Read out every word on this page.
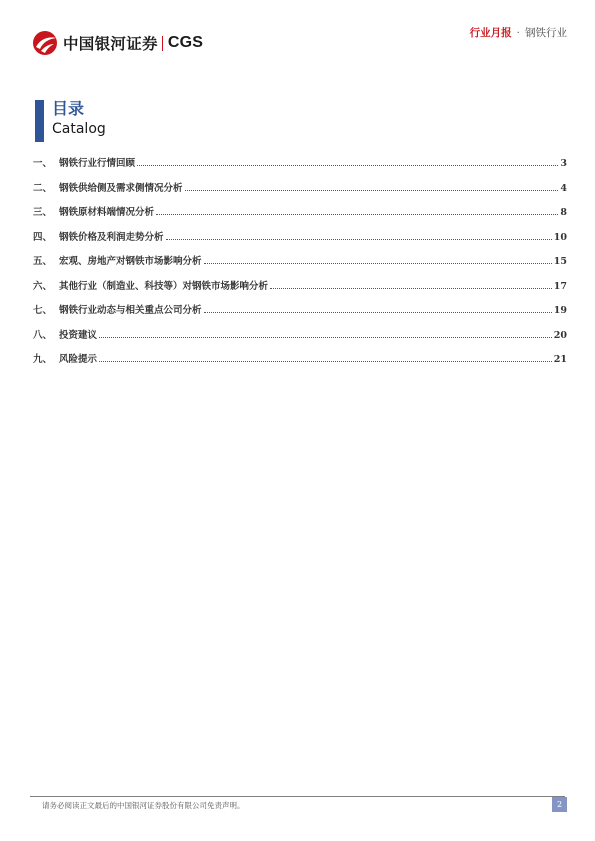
中国银河证券 CGS
行业月报 · 钢铁行业
目录
Catalog
一、 钢铁行业行情回顾	3
二、 钢铁供给侧及需求侧情况分析	4
三、 钢铁原材料端情况分析	8
四、 钢铁价格及利润走势分析	10
五、 宏观、房地产对钢铁市场影响分析	15
六、 其他行业（制造业、科技等）对钢铁市场影响分析	17
七、 钢铁行业动态与相关重点公司分析	19
八、 投资建议	20
九、 风险提示	21
请务必阅读正文最后的中国银河证券股份有限公司免责声明。	2
